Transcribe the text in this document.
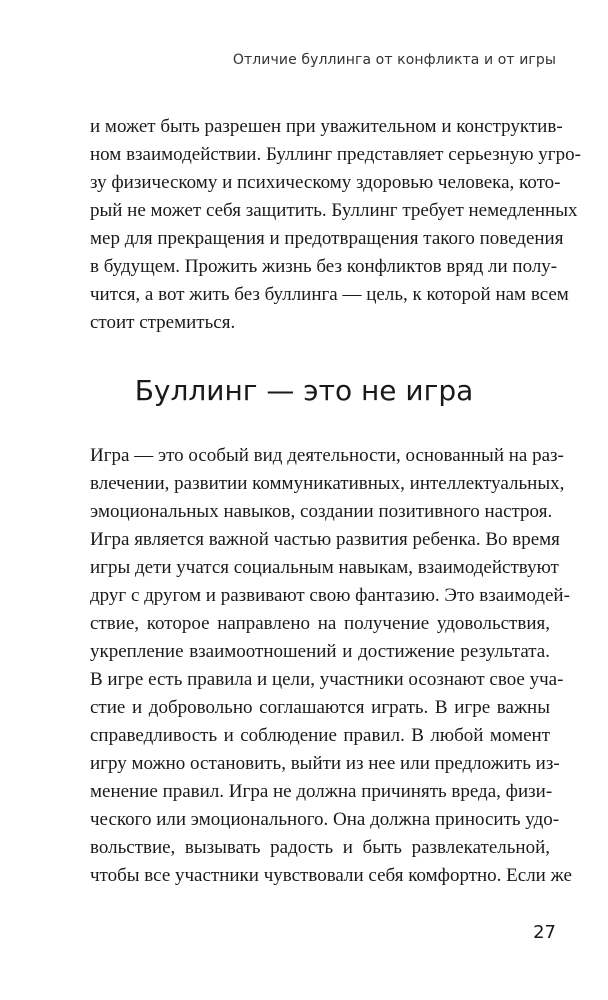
Отличие буллинга от конфликта и от игры
и может быть разрешен при уважительном и конструктив-
ном взаимодействии. Буллинг представляет серьезную угро-
зу физическому и психическому здоровью человека, кото-
рый не может себя защитить. Буллинг требует немедленных
мер для прекращения и предотвращения такого поведения
в будущем. Прожить жизнь без конфликтов вряд ли полу-
чится, а вот жить без буллинга — цель, к которой нам всем
стоит стремиться.
Буллинг — это не игра
Игра — это особый вид деятельности, основанный на раз-
влечении, развитии коммуникативных, интеллектуальных,
эмоциональных навыков, создании позитивного настроя.
Игра является важной частью развития ребенка. Во время
игры дети учатся социальным навыкам, взаимодействуют
друг с другом и развивают свою фантазию. Это взаимодей-
ствие, которое направлено на получение удовольствия,
укрепление взаимоотношений и достижение результата.
В игре есть правила и цели, участники осознают свое уча-
стие и добровольно соглашаются играть. В игре важны
справедливость и соблюдение правил. В любой момент
игру можно остановить, выйти из нее или предложить из-
менение правил. Игра не должна причинять вреда, физи-
ческого или эмоционального. Она должна приносить удо-
вольствие, вызывать радость и быть развлекательной,
чтобы все участники чувствовали себя комфортно. Если же
27
